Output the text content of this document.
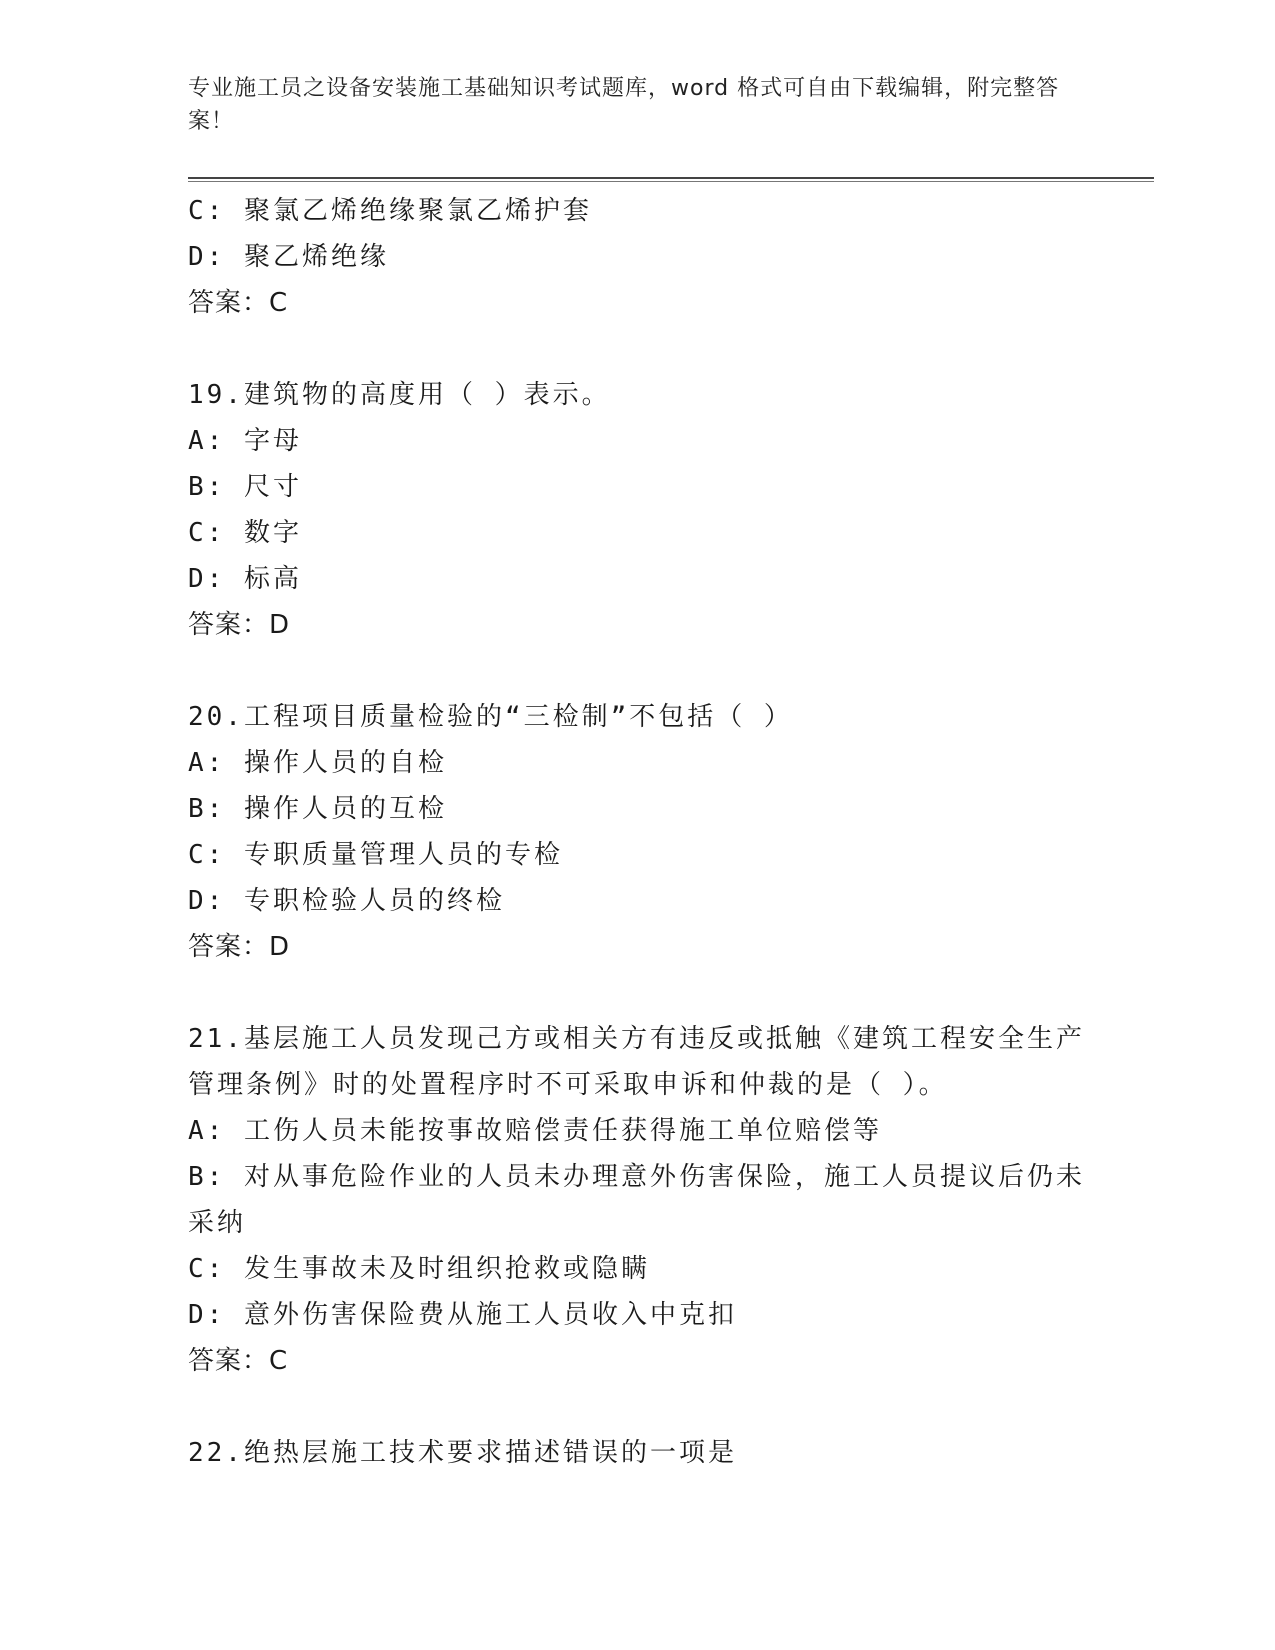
专业施工员之设备安装施工基础知识考试题库，word 格式可自由下载编辑，附完整答案！
C: 聚氯乙烯绝缘聚氯乙烯护套
D: 聚乙烯绝缘
答案：C
19.建筑物的高度用（ ）表示。
A: 字母
B: 尺寸
C: 数字
D: 标高
答案：D
20.工程项目质量检验的“三检制”不包括（ ）
A: 操作人员的自检
B: 操作人员的互检
C: 专职质量管理人员的专检
D: 专职检验人员的终检
答案：D
21.基层施工人员发现己方或相关方有违反或抵触《建筑工程安全生产管理条例》时的处置程序时不可采取申诉和仲裁的是（ ）。
A: 工伤人员未能按事故赔偿责任获得施工单位赔偿等
B: 对从事危险作业的人员未办理意外伤害保险，施工人员提议后仍未采纳
C: 发生事故未及时组织抢救或隐瞒
D: 意外伤害保险费从施工人员收入中克扣
答案：C
22.绝热层施工技术要求描述错误的一项是
